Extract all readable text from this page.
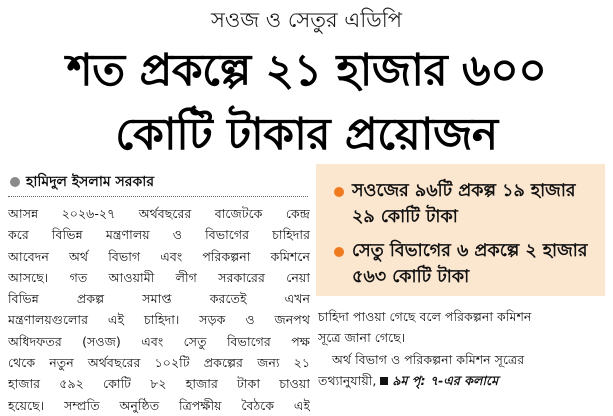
সওজ ও সেতুর এডিপি
শত প্রকল্পে ২১ হাজার ৬০০
কোটি টাকার প্রয়োজন
হামিদুল ইসলাম সরকার
আসন্ন ২০২৬-২৭ অর্থবছরের বাজেটকে কেন্দ্র
করে বিভিন্ন মন্ত্রণালয় ও বিভাগের চাহিদার
আবেদন অর্থ বিভাগ এবং পরিকল্পনা কমিশনে
আসছে। গত আওয়ামী লীগ সরকারের নেয়া
বিভিন্ন প্রকল্প সমাপ্ত করতেই এখন
মন্ত্রণালয়গুলোর এই চাহিদা। সড়ক ও জনপথ
অধিদফতর (সওজ) এবং সেতু বিভাগের পক্ষ
থেকে নতুন অর্থবছরের ১০২টি প্রকল্পের জন্য ২১
হাজার ৫৯২ কোটি ৮২ হাজার টাকা চাওয়া
হয়েছে। সম্প্রতি অনুষ্ঠিত ত্রিপক্ষীয় বৈঠকে এই
সওজের ৯৬টি প্রকল্প ১৯ হাজার ২৯ কোটি টাকা
সেতু বিভাগের ৬ প্রকল্পে ২ হাজার ৫৬৩ কোটি টাকা
চাহিদা পাওয়া গেছে বলে পরিকল্পনা কমিশন
সূত্রে জানা গেছে।
অর্থ বিভাগ ও পরিকল্পনা কমিশন সূত্রের
তথ্যানুযায়ী, ৯ম পৃ: ৭-এর কলামে
